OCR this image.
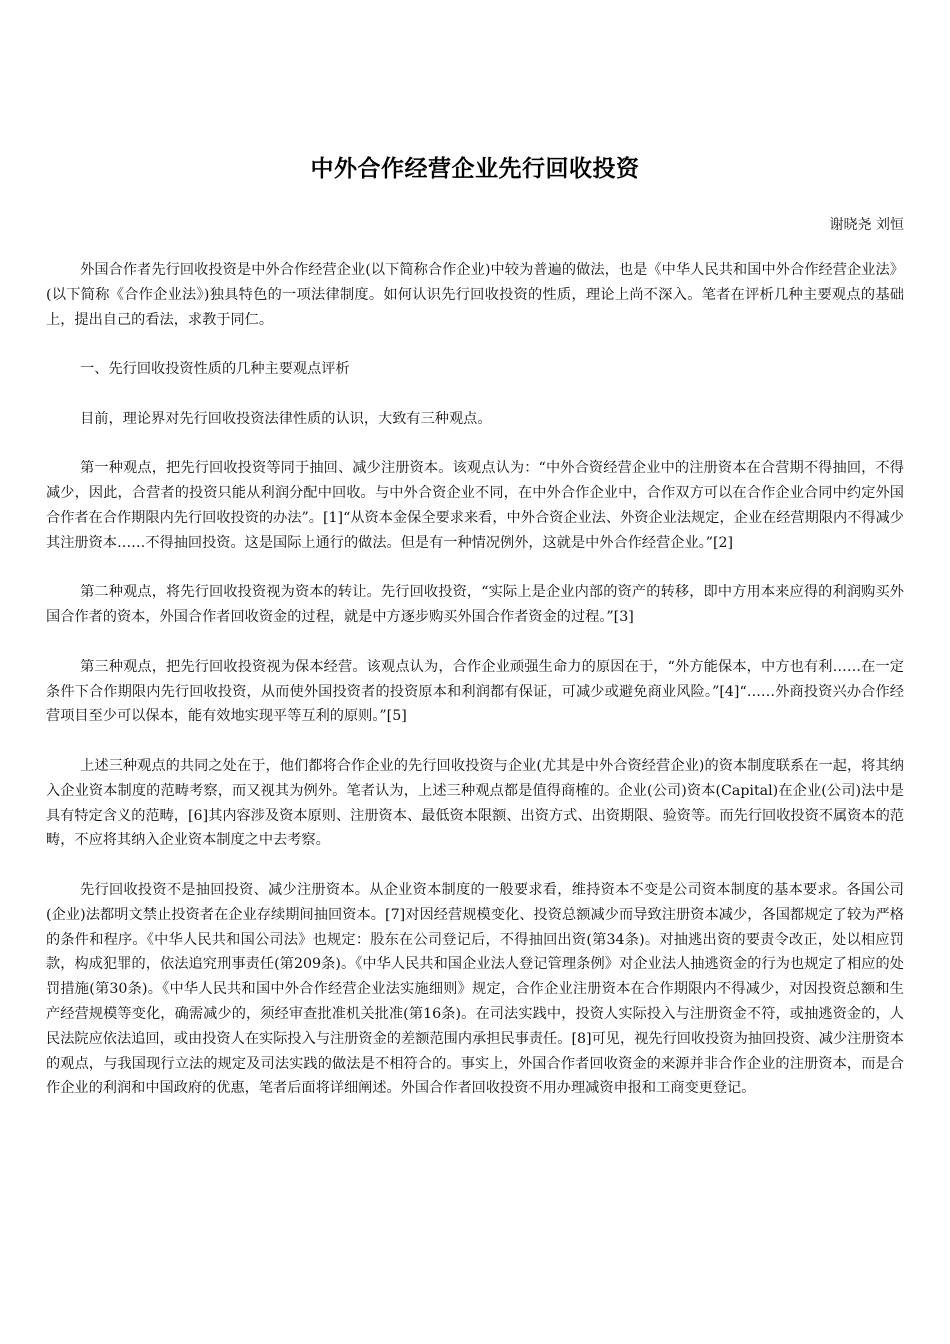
中外合作经营企业先行回收投资
谢晓尧 刘恒

外国合作者先行回收投资是中外合作经营企业(以下简称合作企业)中较为普遍的做法，也是《中华人民共和国中外合作经营企业法》(以下简称《合作企业法》)独具特色的一项法律制度。如何认识先行回收投资的性质，理论上尚不深入。笔者在评析几种主要观点的基础上，提出自己的看法，求教于同仁。

一、先行回收投资性质的几种主要观点评析

目前，理论界对先行回收投资法律性质的认识，大致有三种观点。

第一种观点，把先行回收投资等同于抽回、减少注册资本。该观点认为：“中外合资经营企业中的注册资本在合营期不得抽回，不得减少，因此，合营者的投资只能从利润分配中回收。与中外合资企业不同，在中外合作企业中，合作双方可以在合作企业合同中约定外国合作者在合作期限内先行回收投资的办法”。[1]“从资本金保全要求来看，中外合资企业法、外资企业法规定，企业在经营期限内不得减少其注册资本……不得抽回投资。这是国际上通行的做法。但是有一种情况例外，这就是中外合作经营企业。”[2]

第二种观点，将先行回收投资视为资本的转让。先行回收投资，“实际上是企业内部的资产的转移，即中方用本来应得的利润购买外国合作者的资本，外国合作者回收资金的过程，就是中方逐步购买外国合作者资金的过程。”[3]

第三种观点，把先行回收投资视为保本经营。该观点认为，合作企业顽强生命力的原因在于，“外方能保本，中方也有利……在一定条件下合作期限内先行回收投资，从而使外国投资者的投资原本和利润都有保证，可减少或避免商业风险。”[4]“……外商投资兴办合作经营项目至少可以保本，能有效地实现平等互利的原则。”[5]

上述三种观点的共同之处在于，他们都将合作企业的先行回收投资与企业(尤其是中外合资经营企业)的资本制度联系在一起，将其纳入企业资本制度的范畴考察，而又视其为例外。笔者认为，上述三种观点都是值得商榷的。企业(公司)资本(Capital)在企业(公司)法中是具有特定含义的范畴，[6]其内容涉及资本原则、注册资本、最低资本限额、出资方式、出资期限、验资等。而先行回收投资不属资本的范畴，不应将其纳入企业资本制度之中去考察。

先行回收投资不是抽回投资、减少注册资本。从企业资本制度的一般要求看，维持资本不变是公司资本制度的基本要求。各国公司(企业)法都明文禁止投资者在企业存续期间抽回资本。[7]对因经营规模变化、投资总额减少而导致注册资本减少，各国都规定了较为严格的条件和程序。《中华人民共和国公司法》也规定：股东在公司登记后，不得抽回出资(第34条)。对抽逃出资的要责令改正，处以相应罚款，构成犯罪的，依法追究刑事责任(第209条)。《中华人民共和国企业法人登记管理条例》对企业法人抽逃资金的行为也规定了相应的处罚措施(第30条)。《中华人民共和国中外合作经营企业法实施细则》规定，合作企业注册资本在合作期限内不得减少，对因投资总额和生产经营规模等变化，确需减少的，须经审查批准机关批准(第16条)。在司法实践中，投资人实际投入与注册资金不符，或抽逃资金的，人民法院应依法追回，或由投资人在实际投入与注册资金的差额范围内承担民事责任。[8]可见，视先行回收投资为抽回投资、减少注册资本的观点，与我国现行立法的规定及司法实践的做法是不相符合的。事实上，外国合作者回收资金的来源并非合作企业的注册资本，而是合作企业的利润和中国政府的优惠，笔者后面将详细阐述。外国合作者回收投资不用办理减资申报和工商变更登记。
